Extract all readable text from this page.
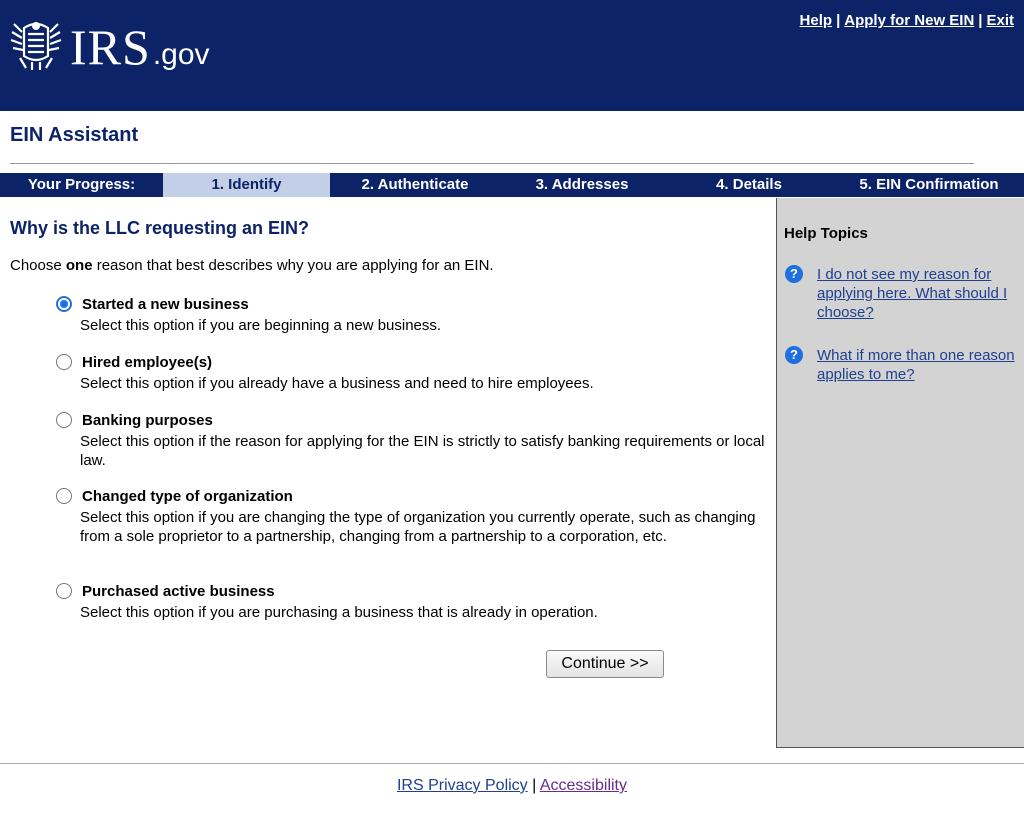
IRS .gov
Help | Apply for New EIN | Exit
EIN Assistant
Your Progress:	1. Identify	2. Authenticate	3. Addresses	4. Details	5. EIN Confirmation
Why is the LLC requesting an EIN?
Choose one reason that best describes why you are applying for an EIN.
Started a new business
Select this option if you are beginning a new business.
Hired employee(s)
Select this option if you already have a business and need to hire employees.
Banking purposes
Select this option if the reason for applying for the EIN is strictly to satisfy banking requirements or local law.
Changed type of organization
Select this option if you are changing the type of organization you currently operate, such as changing from a sole proprietor to a partnership, changing from a partnership to a corporation, etc.
Purchased active business
Select this option if you are purchasing a business that is already in operation.
Continue >>
Help Topics
?	I do not see my reason for applying here. What should I choose?
?	What if more than one reason applies to me?
IRS Privacy Policy | Accessibility
